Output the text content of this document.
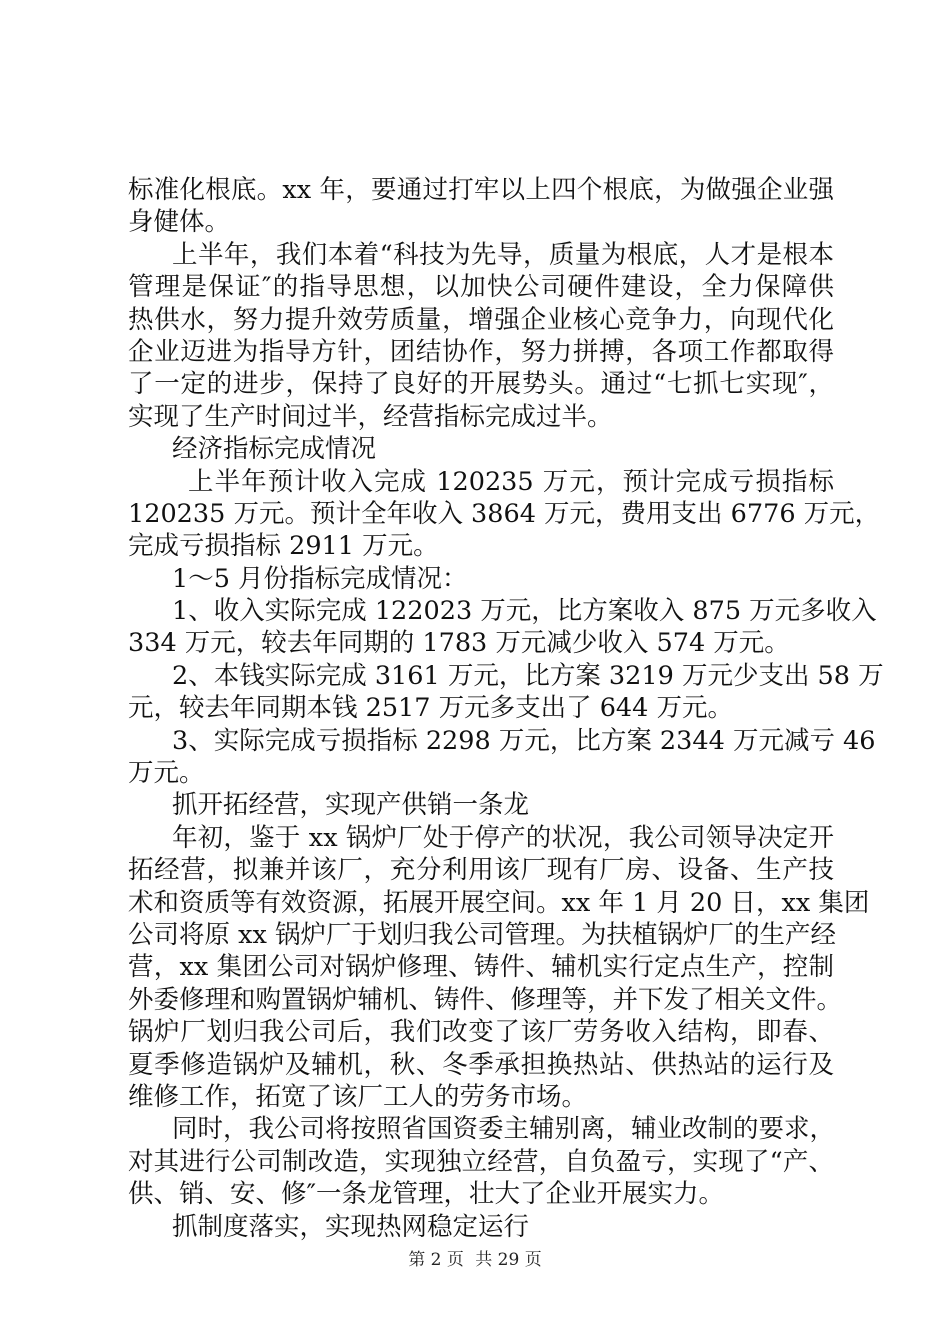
标准化根底。xx 年，要通过打牢以上四个根底，为做强企业强
身健体。
上半年，我们本着“科技为先导，质量为根底，人才是根本
管理是保证″的指导思想，以加快公司硬件建设，全力保障供
热供水，努力提升效劳质量，增强企业核心竞争力，向现代化
企业迈进为指导方针，团结协作，努力拼搏，各项工作都取得
了一定的进步，保持了良好的开展势头。通过“七抓七实现″，
实现了生产时间过半，经营指标完成过半。
经济指标完成情况
上半年预计收入完成 120235 万元，预计完成亏损指标
120235 万元。预计全年收入 3864 万元，费用支出 6776 万元，
完成亏损指标 2911 万元。
1～5 月份指标完成情况：
1、收入实际完成 122023 万元，比方案收入 875 万元多收入
334 万元，较去年同期的 1783 万元减少收入 574 万元。
2、本钱实际完成 3161 万元，比方案 3219 万元少支出 58 万
元，较去年同期本钱 2517 万元多支出了 644 万元。
3、实际完成亏损指标 2298 万元，比方案 2344 万元减亏 46
万元。
抓开拓经营，实现产供销一条龙
年初，鉴于 xx 锅炉厂处于停产的状况，我公司领导决定开
拓经营，拟兼并该厂，充分利用该厂现有厂房、设备、生产技
术和资质等有效资源，拓展开展空间。xx 年 1 月 20 日，xx 集团
公司将原 xx 锅炉厂于划归我公司管理。为扶植锅炉厂的生产经
营，xx 集团公司对锅炉修理、铸件、辅机实行定点生产，控制
外委修理和购置锅炉辅机、铸件、修理等，并下发了相关文件。
锅炉厂划归我公司后，我们改变了该厂劳务收入结构，即春、
夏季修造锅炉及辅机，秋、冬季承担换热站、供热站的运行及
维修工作，拓宽了该厂工人的劳务市场。
同时，我公司将按照省国资委主辅别离，辅业改制的要求，
对其进行公司制改造，实现独立经营，自负盈亏，实现了“产、
供、销、安、修″一条龙管理，壮大了企业开展实力。
抓制度落实，实现热网稳定运行
第 2 页 共 29 页
